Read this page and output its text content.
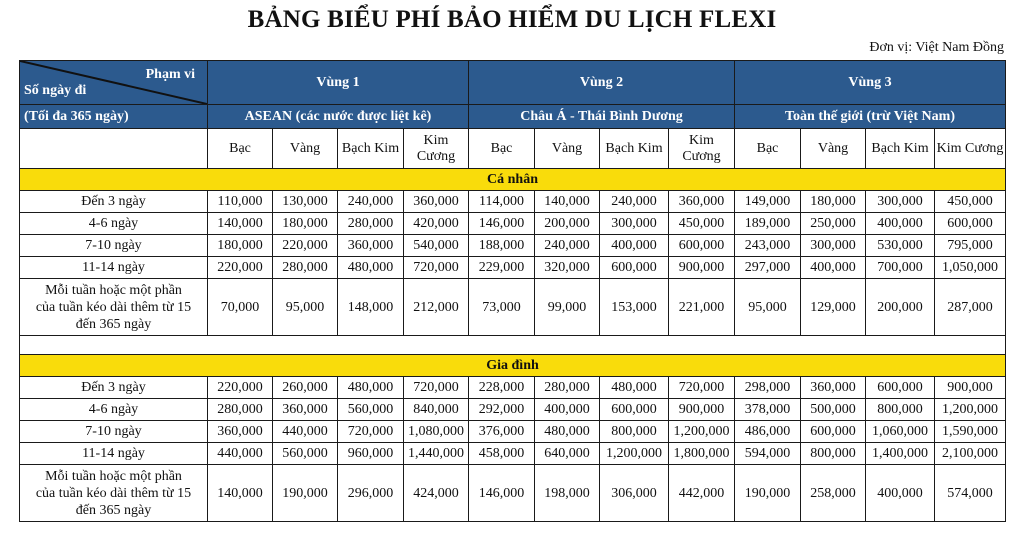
BẢNG BIỂU PHÍ BẢO HIỂM DU LỊCH FLEXI
Đơn vị: Việt Nam Đồng
Phạm vi
Số ngày đi	Vùng 1				Vùng 2				Vùng 3			
(Tối đa 365 ngày)	ASEAN (các nước được liệt kê)				Châu Á - Thái Bình Dương				Toàn thế giới (trừ Việt Nam)			
	Bạc	Vàng	Bạch Kim	Kim Cương	Bạc	Vàng	Bạch Kim	Kim Cương	Bạc	Vàng	Bạch Kim	Kim Cương
Cá nhân												
Đến 3 ngày	110,000	130,000	240,000	360,000	114,000	140,000	240,000	360,000	149,000	180,000	300,000	450,000
4-6 ngày	140,000	180,000	280,000	420,000	146,000	200,000	300,000	450,000	189,000	250,000	400,000	600,000
7-10 ngày	180,000	220,000	360,000	540,000	188,000	240,000	400,000	600,000	243,000	300,000	530,000	795,000
11-14 ngày	220,000	280,000	480,000	720,000	229,000	320,000	600,000	900,000	297,000	400,000	700,000	1,050,000
Mỗi tuần hoặc một phần của tuần kéo dài thêm từ 15 đến 365 ngày	70,000	95,000	148,000	212,000	73,000	99,000	153,000	221,000	95,000	129,000	200,000	287,000

Gia đình												
Đến 3 ngày	220,000	260,000	480,000	720,000	228,000	280,000	480,000	720,000	298,000	360,000	600,000	900,000
4-6 ngày	280,000	360,000	560,000	840,000	292,000	400,000	600,000	900,000	378,000	500,000	800,000	1,200,000
7-10 ngày	360,000	440,000	720,000	1,080,000	376,000	480,000	800,000	1,200,000	486,000	600,000	1,060,000	1,590,000
11-14 ngày	440,000	560,000	960,000	1,440,000	458,000	640,000	1,200,000	1,800,000	594,000	800,000	1,400,000	2,100,000
Mỗi tuần hoặc một phần của tuần kéo dài thêm từ 15 đến 365 ngày	140,000	190,000	296,000	424,000	146,000	198,000	306,000	442,000	190,000	258,000	400,000	574,000
